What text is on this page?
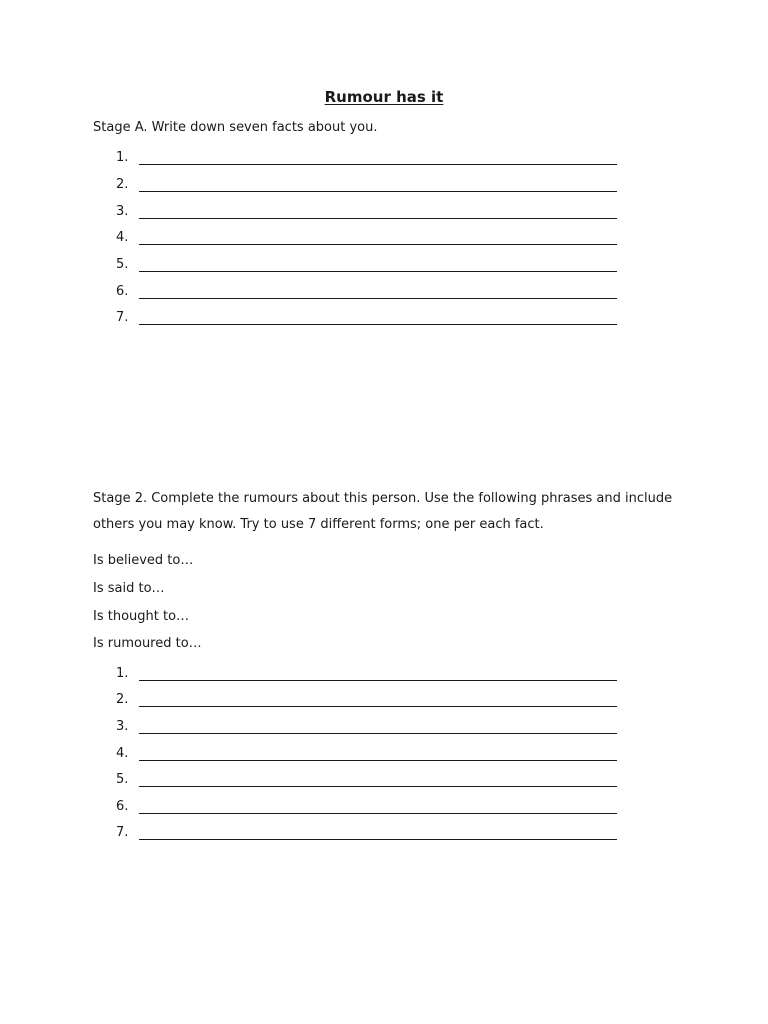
Rumour has it

Stage A. Write down seven facts about you.

1.
2.
3.
4.
5.
6.
7.

Stage 2. Complete the rumours about this person. Use the following phrases and include

others you may know. Try to use 7 different forms; one per each fact.

Is believed to…

Is said to…

Is thought to…

Is rumoured to…

1.
2.
3.
4.
5.
6.
7.
